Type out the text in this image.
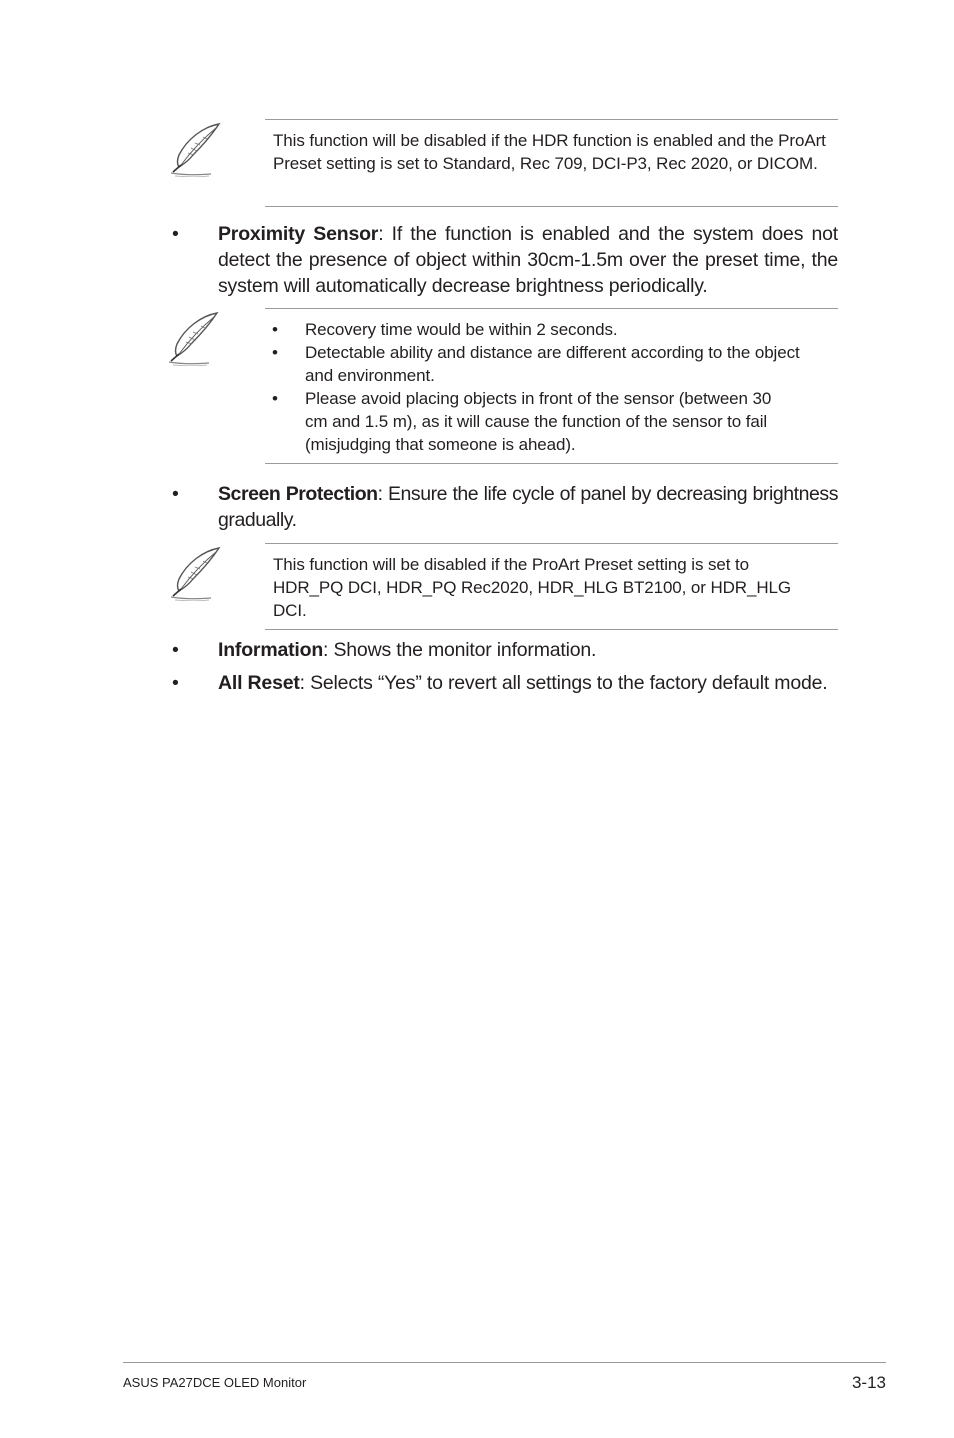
This function will be disabled if the HDR function is enabled and the ProArt Preset setting is set to Standard, Rec 709, DCI-P3, Rec 2020, or DICOM.

• Proximity Sensor: If the function is enabled and the system does not detect the presence of object within 30cm-1.5m over the preset time, the system will automatically decrease brightness periodically.
• Recovery time would be within 2 seconds.
• Detectable ability and distance are different according to the object and environment.
• Please avoid placing objects in front of the sensor (between 30 cm and 1.5 m), as it will cause the function of the sensor to fail (misjudging that someone is ahead).
• Screen Protection: Ensure the life cycle of panel by decreasing brightness gradually.

This function will be disabled if the ProArt Preset setting is set to HDR_PQ DCI, HDR_PQ Rec2020, HDR_HLG BT2100, or HDR_HLG DCI.

• Information: Shows the monitor information.
• All Reset: Selects “Yes” to revert all settings to the factory default mode.
ASUS PA27DCE OLED Monitor	3-13
